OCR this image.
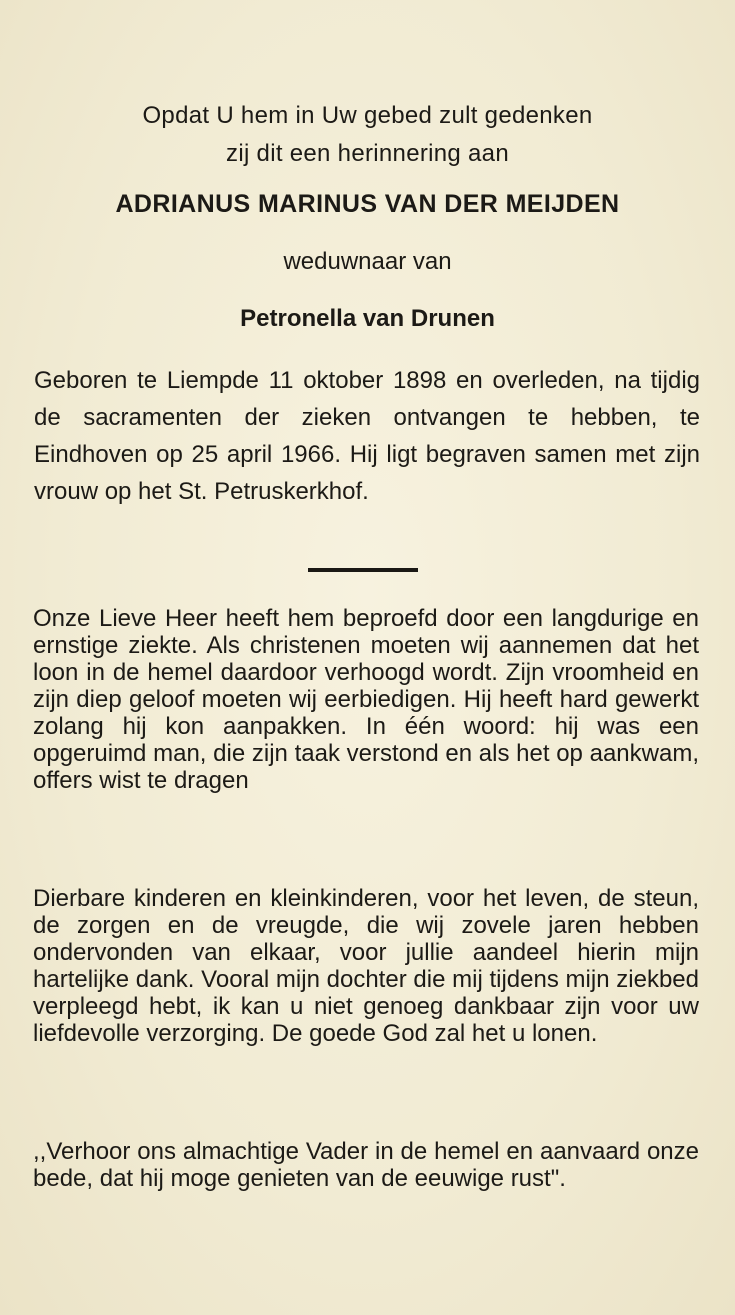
Opdat U hem in Uw gebed zult gedenken
zij dit een herinnering aan
ADRIANUS MARINUS VAN DER MEIJDEN
weduwnaar van
Petronella van Drunen

Geboren te Liempde 11 oktober 1898 en overleden, na tijdig de sacramenten der zieken ontvangen te hebben, te Eindhoven op 25 april 1966. Hij ligt begraven samen met zijn vrouw op het St. Petruskerkhof.

Onze Lieve Heer heeft hem beproefd door een langdurige en ernstige ziekte. Als christenen moeten wij aannemen dat het loon in de hemel daardoor verhoogd wordt. Zijn vroomheid en zijn diep geloof moeten wij eerbiedigen. Hij heeft hard gewerkt zolang hij kon aanpakken. In één woord: hij was een opgeruimd man, die zijn taak verstond en als het op aankwam, offers wist te dragen

Dierbare kinderen en kleinkinderen, voor het leven, de steun, de zorgen en de vreugde, die wij zovele jaren hebben ondervonden van elkaar, voor jullie aandeel hierin mijn hartelijke dank. Vooral mijn dochter die mij tijdens mijn ziekbed verpleegd hebt, ik kan u niet genoeg dankbaar zijn voor uw liefdevolle verzorging. De goede God zal het u lonen.

,,Verhoor ons almachtige Vader in de hemel en aanvaard onze bede, dat hij moge genieten van de eeuwige rust".
